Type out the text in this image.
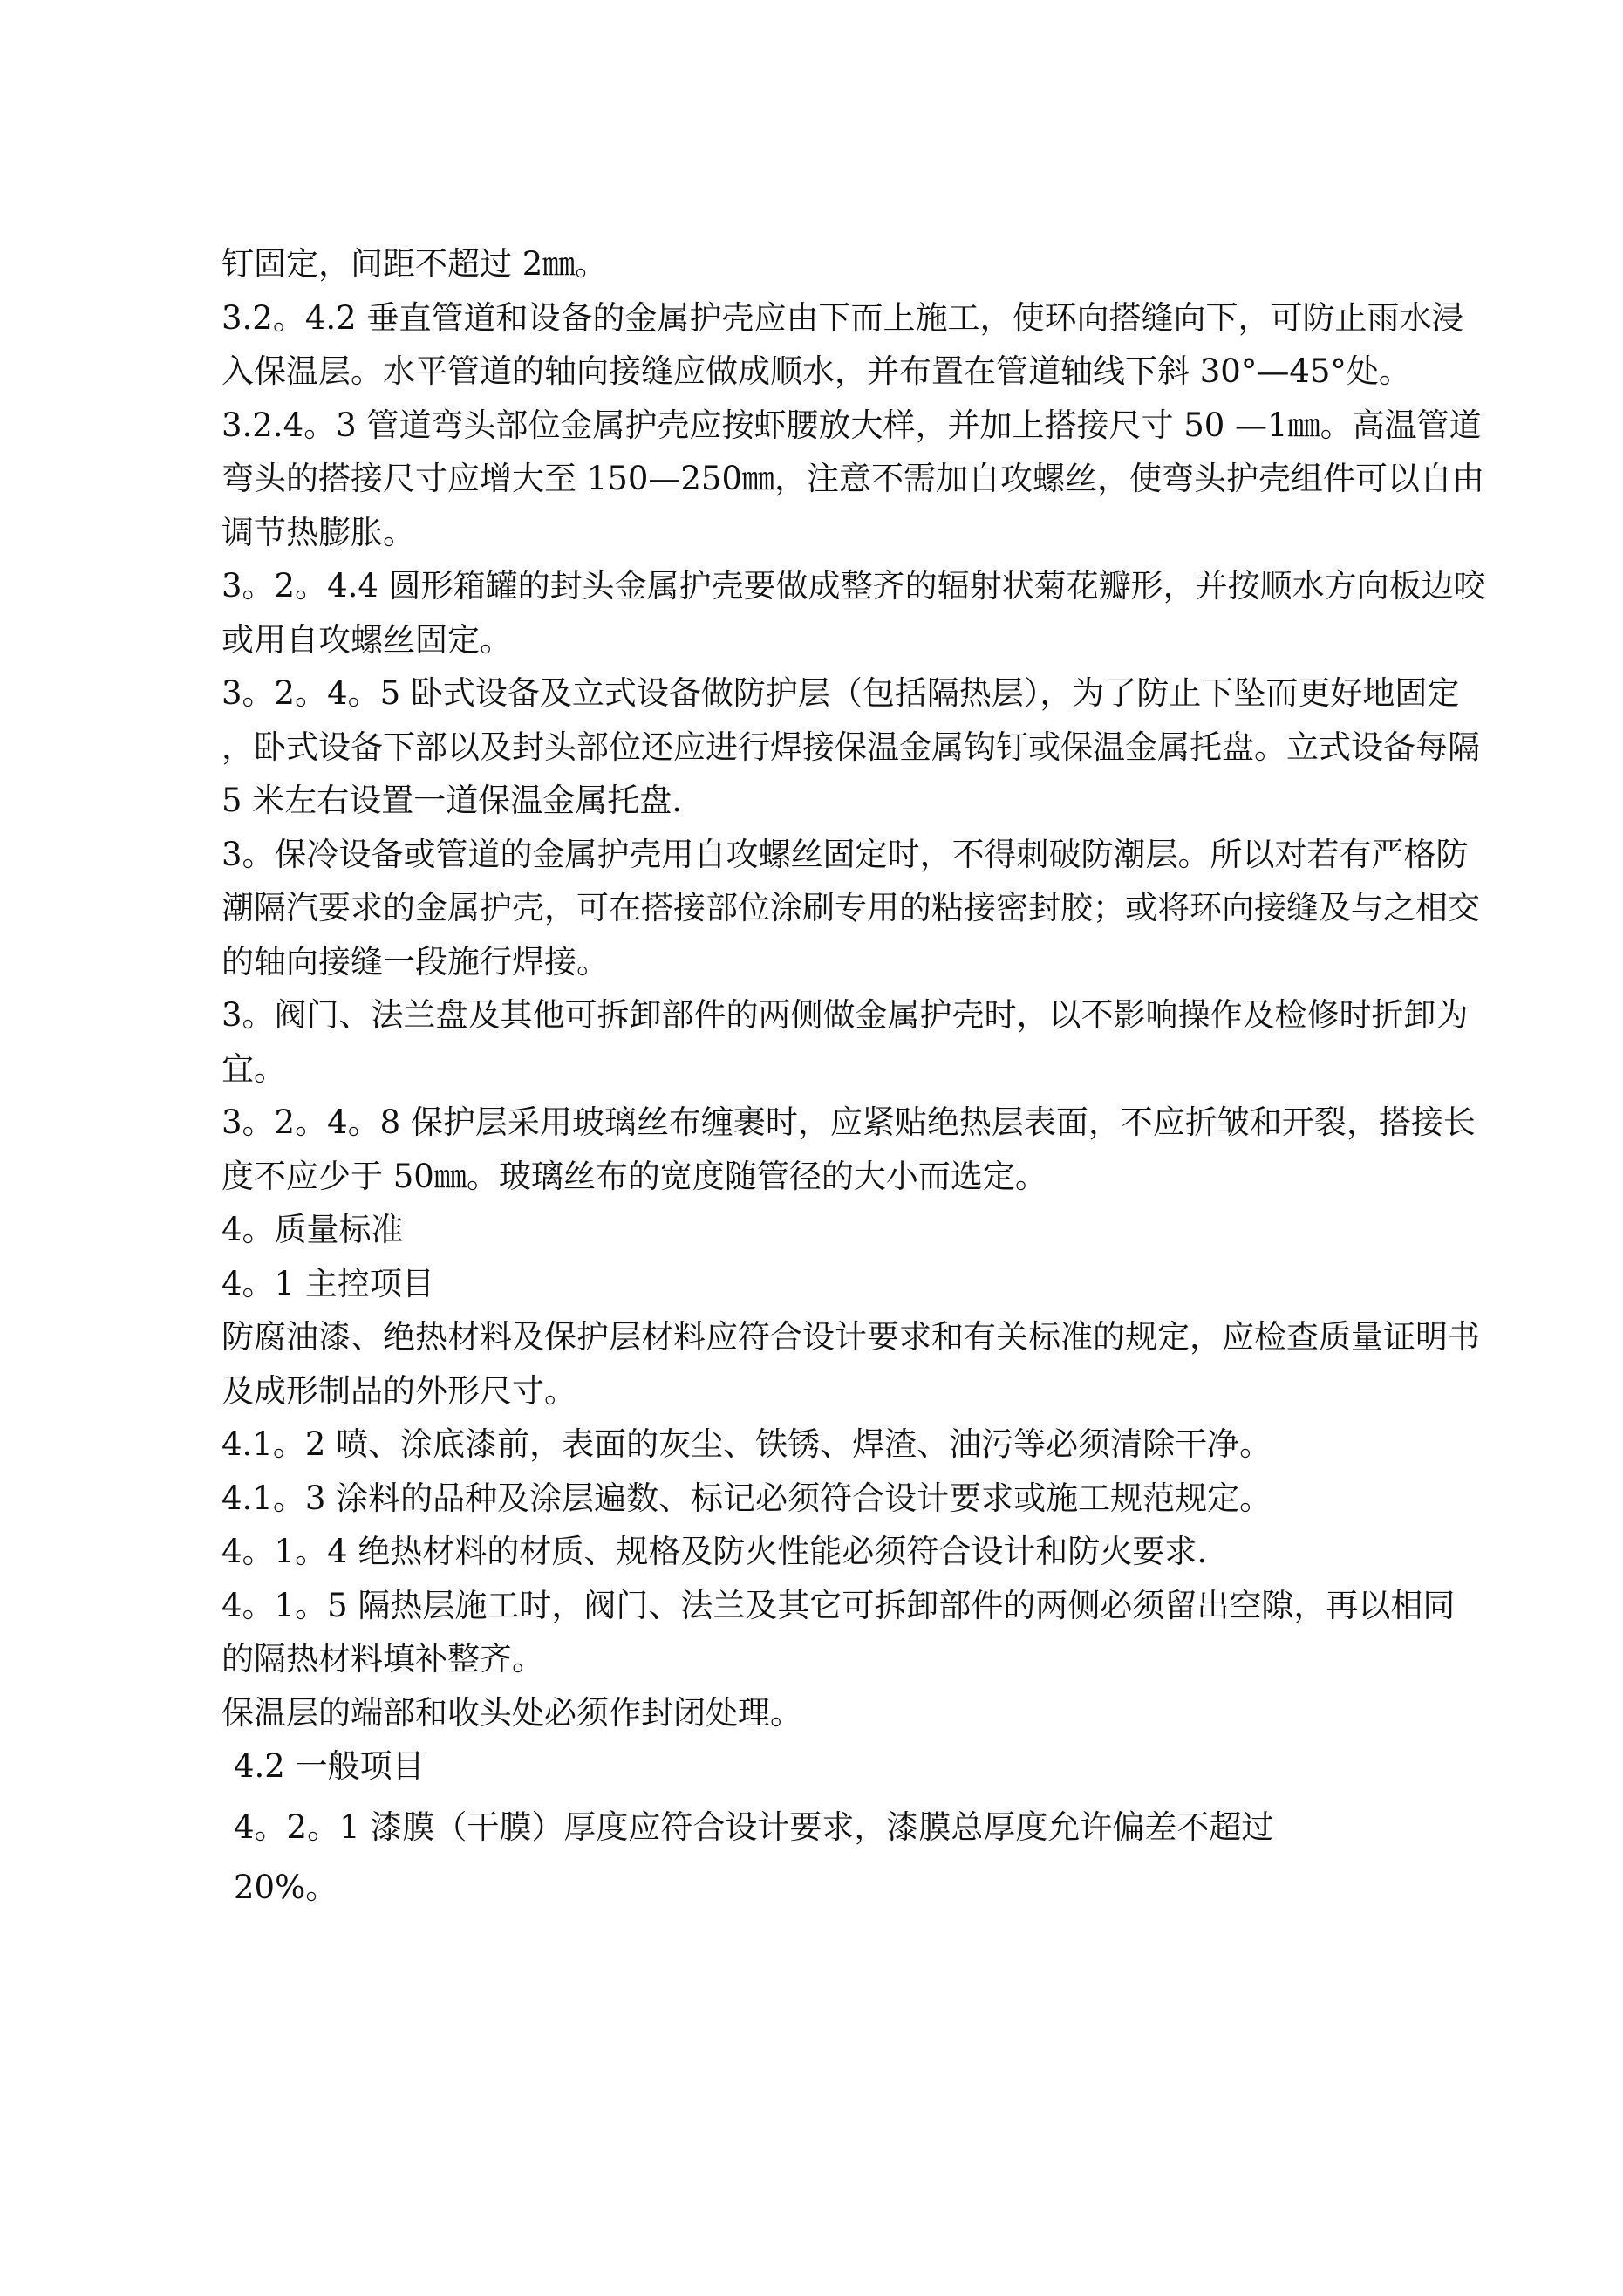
钉固定，间距不超过 2㎜。

3.2。4.2 垂直管道和设备的金属护壳应由下而上施工，使环向搭缝向下，可防止雨水浸入保温层。水平管道的轴向接缝应做成顺水，并布置在管道轴线下斜 30°—45°处。

3.2.4。3 管道弯头部位金属护壳应按虾腰放大样，并加上搭接尺寸 50 —1㎜。高温管道弯头的搭接尺寸应增大至 150—250㎜，注意不需加自攻螺丝，使弯头护壳组件可以自由调节热膨胀。

3。2。4.4 圆形箱罐的封头金属护壳要做成整齐的辐射状菊花瓣形，并按顺水方向板边咬或用自攻螺丝固定。

3。2。4。5 卧式设备及立式设备做防护层（包括隔热层），为了防止下坠而更好地固定，卧式设备下部以及封头部位还应进行焊接保温金属钩钉或保温金属托盘。立式设备每隔 5 米左右设置一道保温金属托盘.

3。保冷设备或管道的金属护壳用自攻螺丝固定时，不得刺破防潮层。所以对若有严格防潮隔汽要求的金属护壳，可在搭接部位涂刷专用的粘接密封胶；或将环向接缝及与之相交的轴向接缝一段施行焊接。

3。阀门、法兰盘及其他可拆卸部件的两侧做金属护壳时，以不影响操作及检修时折卸为宜。

3。2。4。8 保护层采用玻璃丝布缠裹时，应紧贴绝热层表面，不应折皱和开裂，搭接长度不应少于 50㎜。玻璃丝布的宽度随管径的大小而选定。

4。质量标准

4。1 主控项目

防腐油漆、绝热材料及保护层材料应符合设计要求和有关标准的规定，应检查质量证明书及成形制品的外形尺寸。

4.1。2 喷、涂底漆前，表面的灰尘、铁锈、焊渣、油污等必须清除干净。

4.1。3 涂料的品种及涂层遍数、标记必须符合设计要求或施工规范规定。

4。1。4 绝热材料的材质、规格及防火性能必须符合设计和防火要求.

4。1。5 隔热层施工时，阀门、法兰及其它可拆卸部件的两侧必须留出空隙，再以相同的隔热材料填补整齐。

保温层的端部和收头处必须作封闭处理。

4.2 一般项目

4。2。1 漆膜（干膜）厚度应符合设计要求，漆膜总厚度允许偏差不超过

20%。
